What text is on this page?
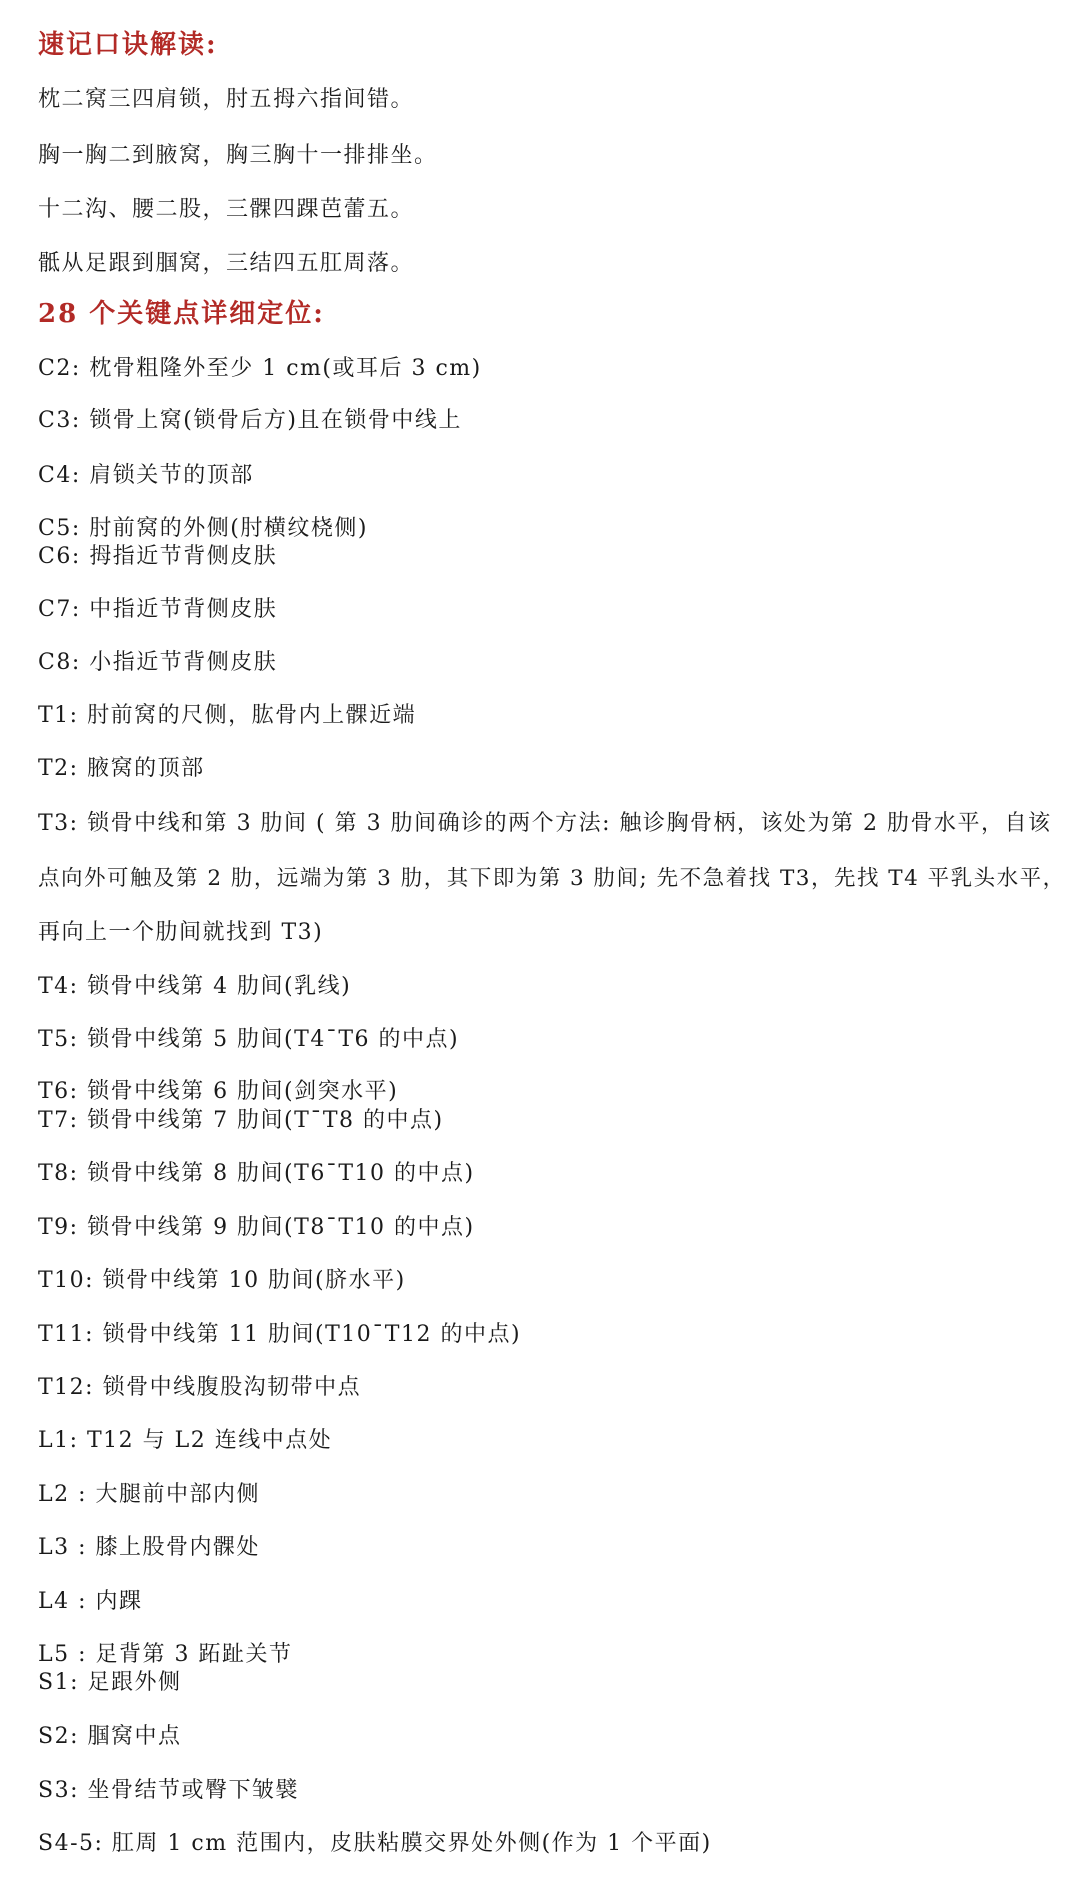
速记口诀解读:

枕二窝三四肩锁，肘五拇六指间错。

胸一胸二到腋窝，胸三胸十一排排坐。

十二沟、腰二股，三髁四踝芭蕾五。

骶从足跟到腘窝，三结四五肛周落。

28 个关键点详细定位:

C2: 枕骨粗隆外至少 1 cm(或耳后 3 cm)

C3: 锁骨上窝(锁骨后方)且在锁骨中线上

C4: 肩锁关节的顶部

C5: 肘前窝的外侧(肘横纹桡侧)

C6: 拇指近节背侧皮肤

C7: 中指近节背侧皮肤

C8: 小指近节背侧皮肤

T1: 肘前窝的尺侧，肱骨内上髁近端

T2: 腋窝的顶部

T3: 锁骨中线和第 3 肋间 ( 第 3 肋间确诊的两个方法: 触诊胸骨柄，该处为第 2 肋骨水平，自该

点向外可触及第 2 肋，远端为第 3 肋，其下即为第 3 肋间; 先不急着找 T3，先找 T4 平乳头水平，

再向上一个肋间就找到 T3)

T4: 锁骨中线第 4 肋间(乳线)

T5: 锁骨中线第 5 肋间(T4¯T6 的中点)

T6: 锁骨中线第 6 肋间(剑突水平)

T7: 锁骨中线第 7 肋间(T¯T8 的中点)

T8: 锁骨中线第 8 肋间(T6¯T10 的中点)

T9: 锁骨中线第 9 肋间(T8¯T10 的中点)

T10: 锁骨中线第 10 肋间(脐水平)

T11: 锁骨中线第 11 肋间(T10¯T12 的中点)

T12: 锁骨中线腹股沟韧带中点

L1: T12 与 L2 连线中点处

L2 : 大腿前中部内侧

L3 : 膝上股骨内髁处

L4 : 内踝

L5 : 足背第 3 跖趾关节

S1: 足跟外侧

S2: 腘窝中点

S3: 坐骨结节或臀下皱襞

S4-5: 肛周 1 cm 范围内，皮肤粘膜交界处外侧(作为 1 个平面)
